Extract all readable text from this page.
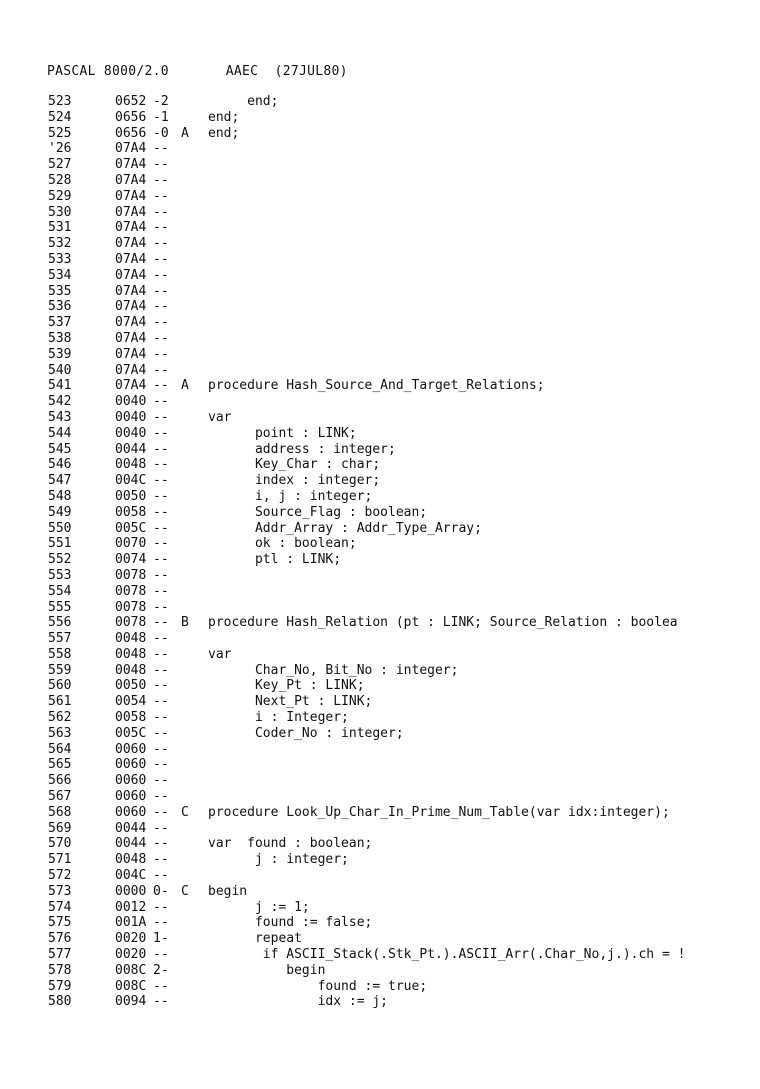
PASCAL 8000/2.0	AAEC (27JUL80)
523	0652 -2	end;
524	0656 -1	end;
525	0656 -0 A end;
'26	07A4 --
527	07A4 --
528	07A4 --
529	07A4 --
530	07A4 --
531	07A4 --
532	07A4 --
533	07A4 --
534	07A4 --
535	07A4 --
536	07A4 --
537	07A4 --
538	07A4 --
539	07A4 --
540	07A4 --
541	07A4 -- A procedure Hash_Source_And_Target_Relations;
542	0040 --
543	0040 --	var
544	0040 --	point : LINK;
545	0044 --	address : integer;
546	0048 --	Key_Char : char;
547	004C --	index : integer;
548	0050 --	i, j : integer;
549	0058 --	Source_Flag : boolean;
550	005C --	Addr_Array : Addr_Type_Array;
551	0070 --	ok : boolean;
552	0074 --	ptl : LINK;
553	0078 --
554	0078 --
555	0078 --
556	0078 -- B procedure Hash_Relation (pt : LINK; Source_Relation : boolea
557	0048 --
558	0048 --	var
559	0048 --	Char_No, Bit_No : integer;
560	0050 --	Key_Pt : LINK;
561	0054 --	Next_Pt : LINK;
562	0058 --	i : Integer;
563	005C --	Coder_No : integer;
564	0060 --
565	0060 --
566	0060 --
567	0060 --
568	0060 -- C procedure Look_Up_Char_In_Prime_Num_Table(var idx:integer);
569	0044 --
570	0044 --	var  found : boolean;
571	0048 --	j : integer;
572	004C --
573	0000 0- C begin
574	0012 --	j := 1;
575	001A --	found := false;
576	0020 1-	repeat
577	0020 --	if ASCII_Stack(.Stk_Pt.).ASCII_Arr(.Char_No,j.).ch = !
578	008C 2-	begin
579	008C --	found := true;
580	0094 --	idx := j;
